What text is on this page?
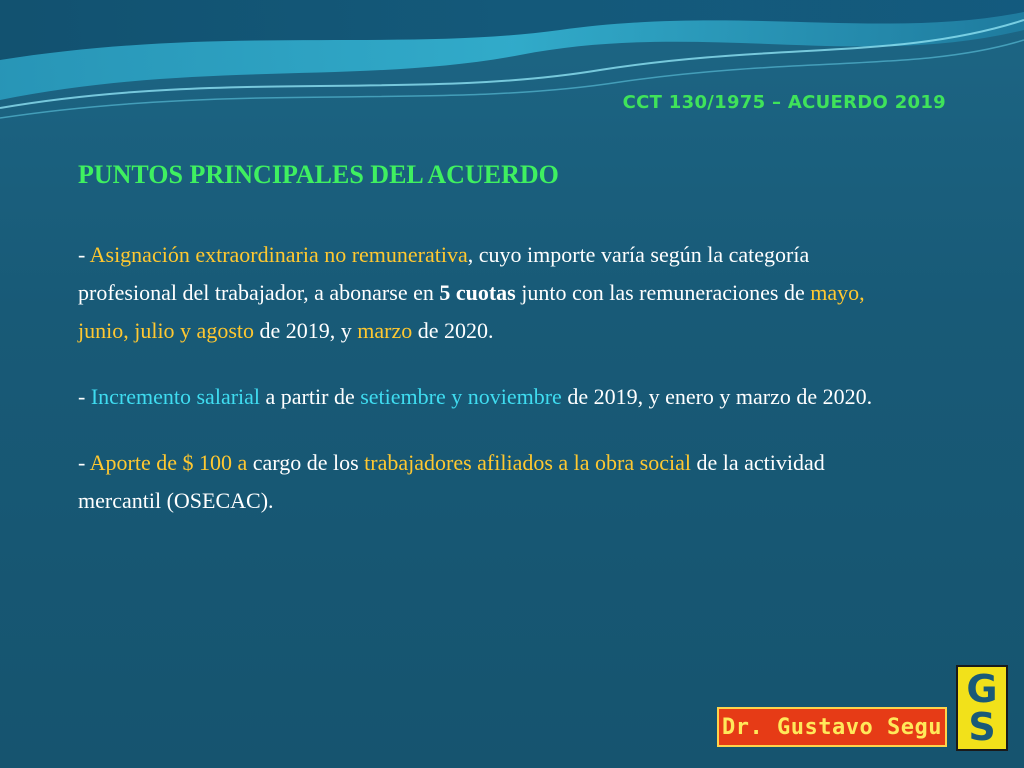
CCT 130/1975 – ACUERDO 2019
PUNTOS PRINCIPALES DEL ACUERDO

- Asignación extraordinaria no remunerativa, cuyo importe varía según la categoría profesional del trabajador, a abonarse en 5 cuotas junto con las remuneraciones de mayo, junio, julio y agosto de 2019, y marzo de 2020.

- Incremento salarial a partir de setiembre y noviembre de 2019, y enero y marzo de 2020.

- Aporte de $ 100 a cargo de los trabajadores afiliados a la obra social de la actividad mercantil (OSECAC).

Dr. Gustavo Segu
G
S
